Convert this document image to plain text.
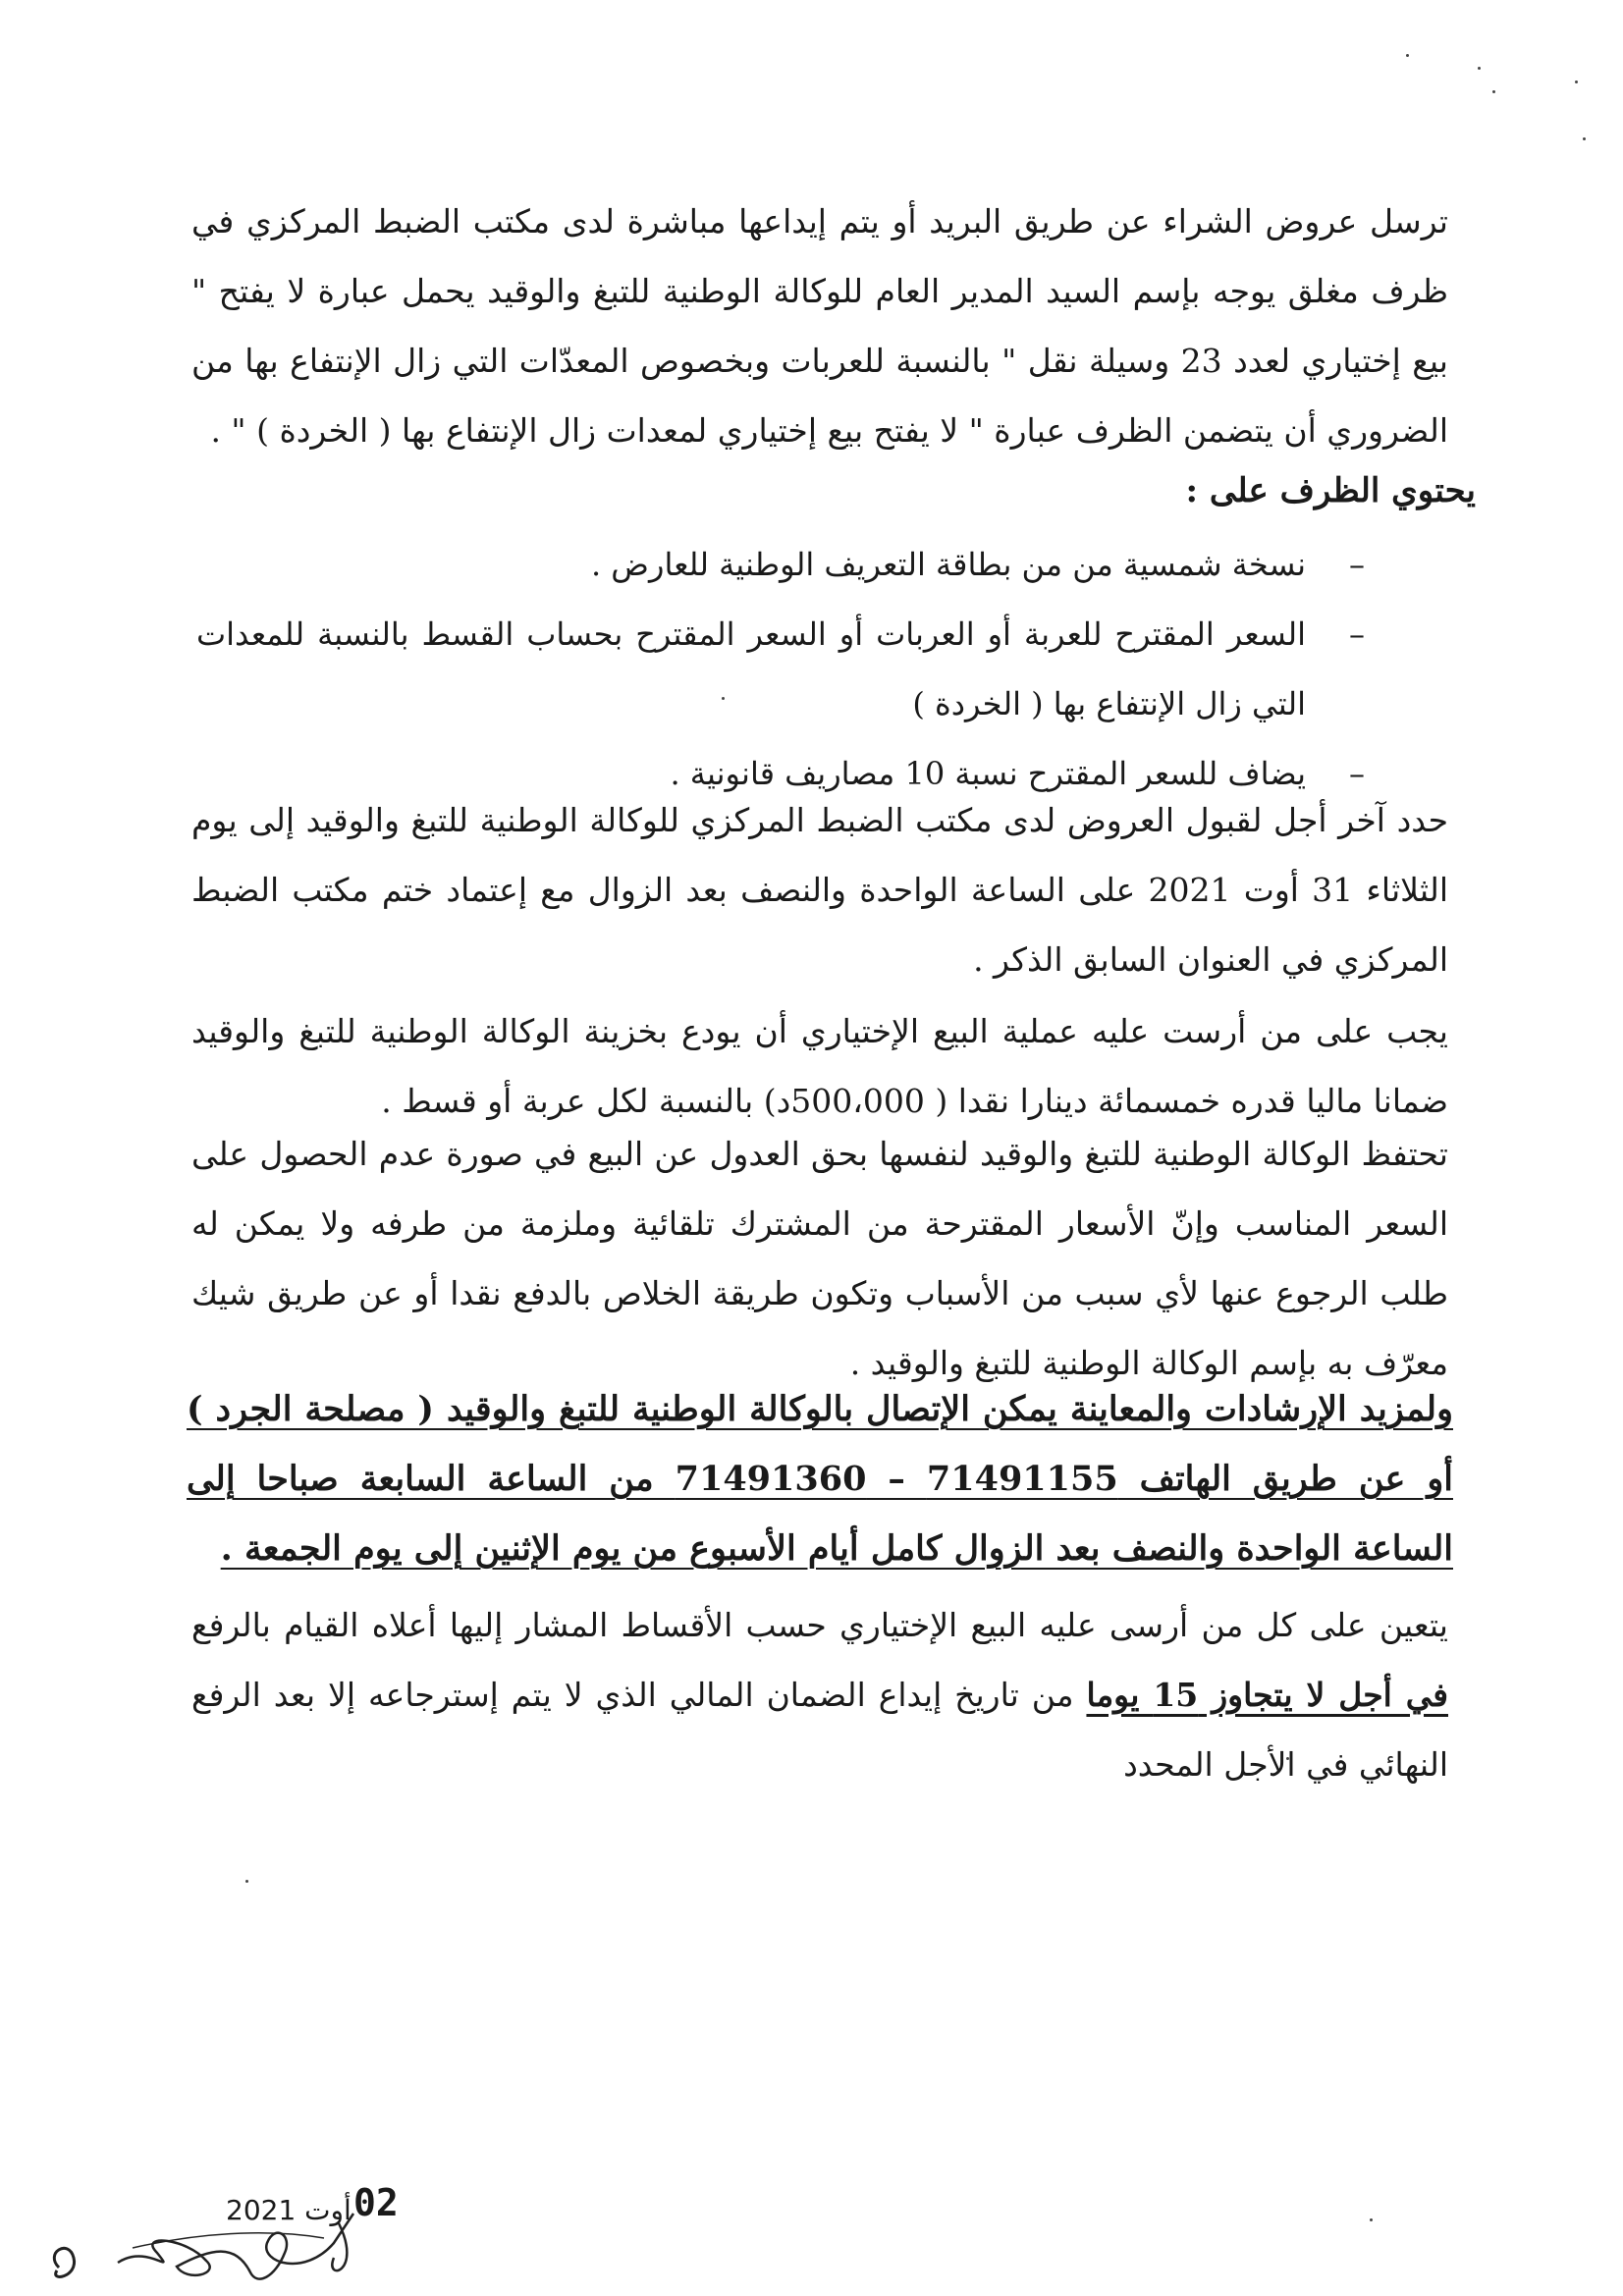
ترسل عروض الشراء عن طريق البريد أو يتم إيداعها مباشرة لدى مكتب الضبط المركزي في ظرف مغلق يوجه بإسم السيد المدير العام للوكالة الوطنية للتبغ والوقيد يحمل عبارة لا يفتح " بيع إختياري لعدد 23 وسيلة نقل " بالنسبة للعربات وبخصوص المعدّات التي زال الإنتفاع بها من الضروري أن يتضمن الظرف عبارة " لا يفتح بيع إختياري لمعدات زال الإنتفاع بها ( الخردة ) " .

يحتوي الظرف على :
– نسخة شمسية من من بطاقة التعريف الوطنية للعارض .
– السعر المقترح للعربة أو العربات أو السعر المقترح بحساب القسط بالنسبة للمعدات التي زال الإنتفاع بها ( الخردة )
– يضاف للسعر المقترح نسبة 10 مصاريف قانونية .

حدد آخر أجل لقبول العروض لدى مكتب الضبط المركزي للوكالة الوطنية للتبغ والوقيد إلى يوم الثلاثاء 31 أوت 2021 على الساعة الواحدة والنصف بعد الزوال مع إعتماد ختم مكتب الضبط المركزي في العنوان السابق الذكر .

يجب على من أرست عليه عملية البيع الإختياري أن يودع بخزينة الوكالة الوطنية للتبغ والوقيد ضمانا ماليا قدره خمسمائة دينارا نقدا ( 500،000د) بالنسبة لكل عربة أو قسط .

تحتفظ الوكالة الوطنية للتبغ والوقيد لنفسها بحق العدول عن البيع في صورة عدم الحصول على السعر المناسب وإنّ الأسعار المقترحة من المشترك تلقائية وملزمة من طرفه ولا يمكن له طلب الرجوع عنها لأي سبب من الأسباب وتكون طريقة الخلاص بالدفع نقدا أو عن طريق شيك معرّف به بإسم الوكالة الوطنية للتبغ والوقيد .

ولمزيد الإرشادات والمعاينة يمكن الإتصال بالوكالة الوطنية للتبغ والوقيد ( مصلحة الجرد ) أو عن طريق الهاتف 71491155 – 71491360 من الساعة السابعة صباحا إلى الساعة الواحدة والنصف بعد الزوال كامل أيام الأسبوع من يوم الإثنين إلى يوم الجمعة .

يتعين على كل من أرسى عليه البيع الإختياري حسب الأقساط المشار إليها أعلاه القيام بالرفع في أجل لا يتجاوز 15 يوما من تاريخ إيداع الضمان المالي الذي لا يتم إسترجاعه إلا بعد الرفع النهائي في الأجل المحدد

أوت 2021 02
